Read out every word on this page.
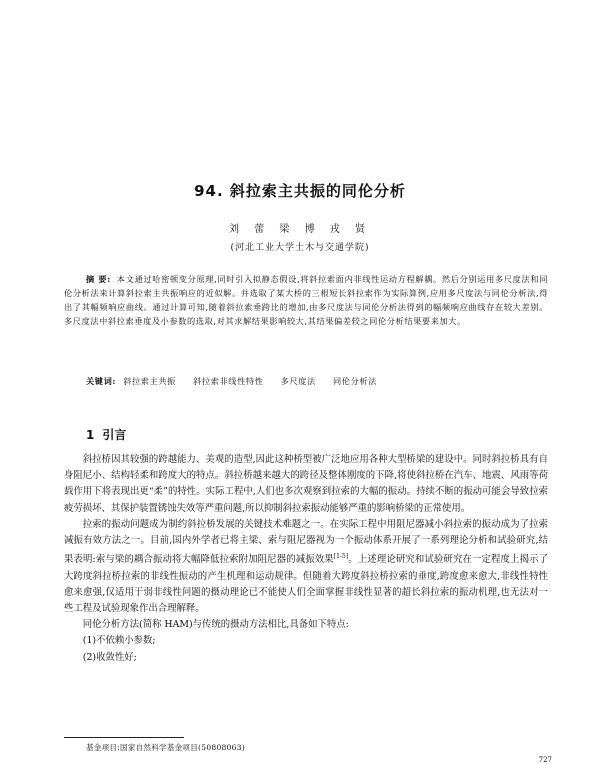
94. 斜拉索主共振的同伦分析
刘 蕾 梁 博 戎 贤
(河北工业大学土木与交通学院)
摘 要: 本文通过哈密顿变分原理,同时引入拟静态假设,将斜拉索面内非线性运动方程解耦。然后分别运用多尺度法和同伦分析法来计算斜拉索主共振响应的近似解。并选取了某大桥的三根短长斜拉索作为实际算例,应用多尺度法与同伦分析法,得出了其幅频响应曲线。通过计算可知,随着斜拉索垂跨比的增加,由多尺度法与同伦分析法得到的幅频响应曲线存在较大差别。多尺度法中斜拉索垂度及小参数的选取,对其求解结果影响较大,其结果偏差较之同伦分析结果要来加大。
关键词: 斜拉索主共振 斜拉索非线性特性 多尺度法 同伦分析法
1 引言

斜拉桥因其较强的跨越能力、美观的造型,因此这种桥型被广泛地应用各种大型桥梁的建设中。同时斜拉桥具有自身阻尼小、结构轻柔和跨度大的特点。斜拉桥越来越大的跨径及整体刚度的下降,将使斜拉桥在汽车、地震、风雨等荷载作用下将表现出更“柔”的特性。实际工程中,人们也多次观察到拉索的大幅的振动。持续不断的振动可能会导致拉索疲劳损坏、其保护装置锈蚀失效等严重问题,所以抑制斜拉索振动能够严重的影响桥梁的正常使用。

拉索的振动问题成为制约斜拉桥发展的关键技术难题之一。在实际工程中用阻尼器减小斜拉索的振动成为了拉索减振有效方法之一。目前,国内外学者已将主梁、索与阻尼器视为一个振动体系开展了一系列理论分析和试验研究,结果表明:索与梁的耦合振动将大幅降低拉索附加阻尼器的减振效果[1-5]。上述理论研究和试验研究在一定程度上揭示了大跨度斜拉桥拉索的非线性振动的产生机理和运动规律。但随着大跨度斜拉桥拉索的垂度,跨度愈来愈大,非线性特性愈来愈强,仅适用于弱非线性问题的摄动理论已不能使人们全面掌握非线性显著的超长斜拉索的振动机理,也无法对一些工程及试验现象作出合理解释。

同伦分析方法(简称 HAM)与传统的摄动方法相比,具备如下特点:

(1)不依赖小参数;

(2)收敛性好;

基金项目:国家自然科学基金项目(50808063)
727
